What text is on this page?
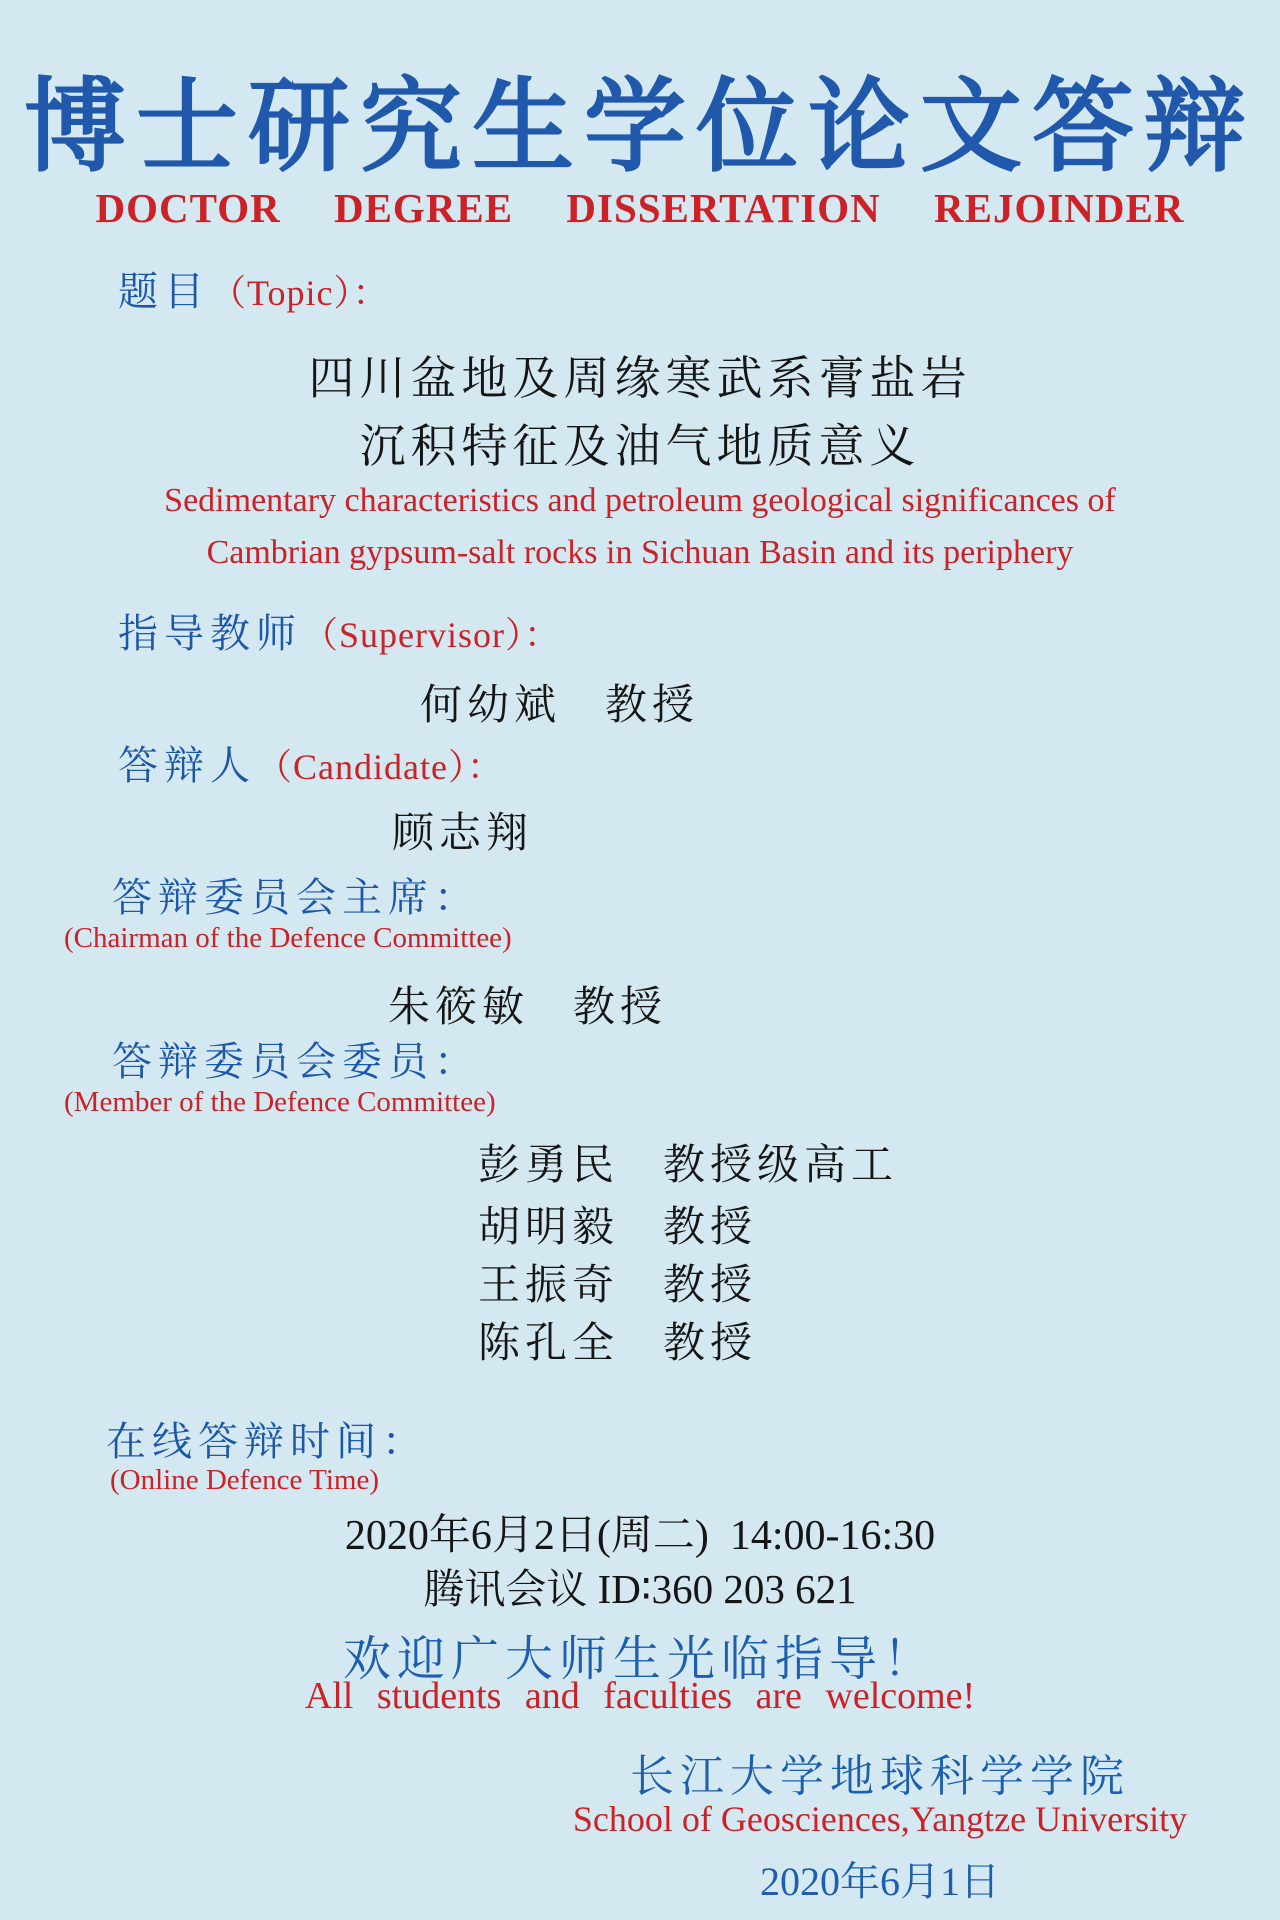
博士研究生学位论文答辩
DOCTOR DEGREE DISSERTATION REJOINDER
题目（Topic）：
四川盆地及周缘寒武系膏盐岩
沉积特征及油气地质意义
Sedimentary characteristics and petroleum geological significances of
Cambrian gypsum-salt rocks in Sichuan Basin and its periphery
指导教师（Supervisor）：
何幼斌 教授
答辩人（Candidate）：
顾志翔
答辩委员会主席：
(Chairman of the Defence Committee)
朱筱敏 教授
答辩委员会委员：
(Member of the Defence Committee)
彭勇民 教授级高工
胡明毅 教授
王振奇 教授
陈孔全 教授
在线答辩时间：
(Online Defence Time)
2020年6月2日(周二)  14:00-16:30
腾讯会议 ID∶360 203 621
欢迎广大师生光临指导！
All students and faculties are welcome!
长江大学地球科学学院
School of Geosciences,Yangtze University
2020年6月1日
